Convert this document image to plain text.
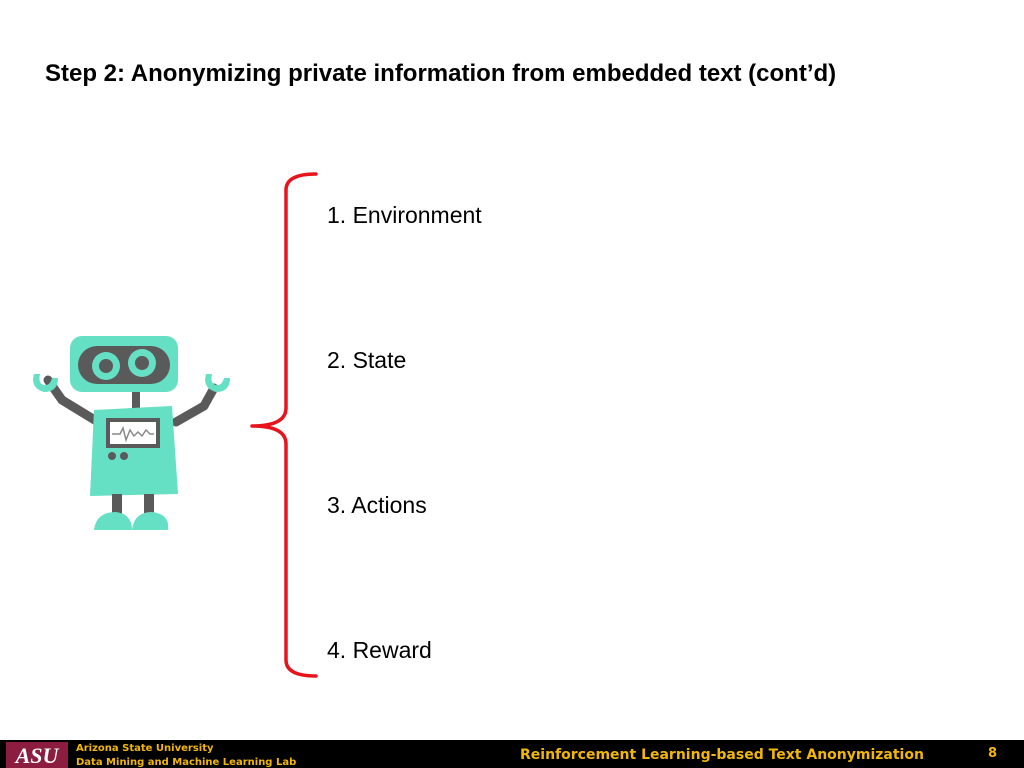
Step 2: Anonymizing private information from embedded text (cont’d)
1. Environment
2. State
3. Actions
4. Reward
ASU Arizona State University
Data Mining and Machine Learning Lab	Reinforcement Learning-based Text Anonymization	8
